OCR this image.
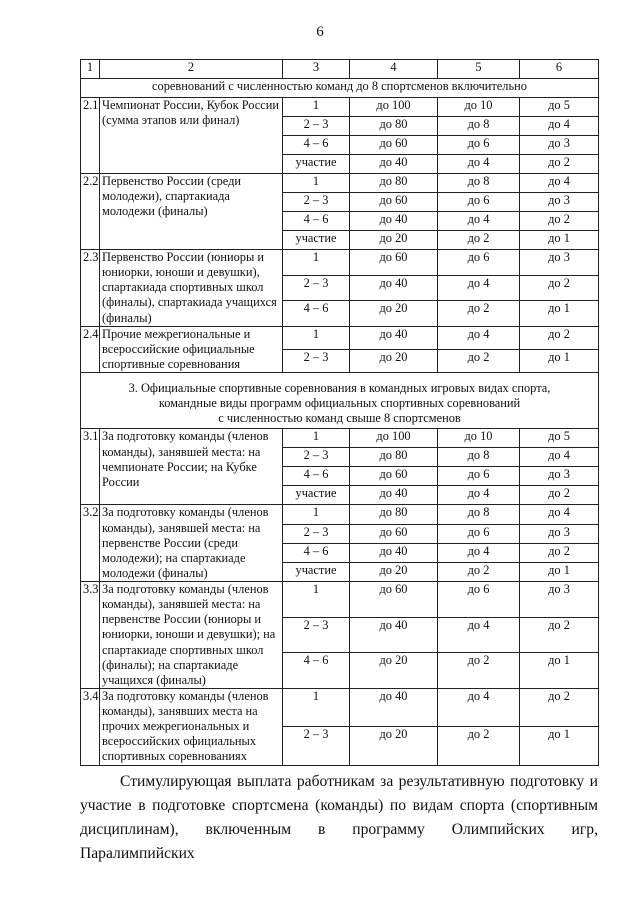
6
1	2	3	4	5	6
соревнований с численностью команд до 8 спортсменов включительно					
2.1	Чемпионат России, Кубок России (сумма этапов или финал)	1	до 100	до 10	до 5
		2 – 3	до 80	до 8	до 4
		4 – 6	до 60	до 6	до 3
		участие	до 40	до 4	до 2
2.2	Первенство России (среди молодежи), спартакиада молодежи (финалы)	1	до 80	до 8	до 4
		2 – 3	до 60	до 6	до 3
		4 – 6	до 40	до 4	до 2
		участие	до 20	до 2	до 1
2.3	Первенство России (юниоры и юниорки, юноши и девушки), спартакиада спортивных школ (финалы), спартакиада учащихся (финалы)	1	до 60	до 6	до 3
		2 – 3	до 40	до 4	до 2
		4 – 6	до 20	до 2	до 1
2.4	Прочие межрегиональные и всероссийские официальные спортивные соревнования	1	до 40	до 4	до 2
		2 – 3	до 20	до 2	до 1

3. Официальные спортивные соревнования в командных игровых видах спорта,
командные виды программ официальных спортивных соревнований
с численностью команд свыше 8 спортсменов					

3.1	За подготовку команды (членов команды), занявшей места: на чемпионате России; на Кубке России	1	до 100	до 10	до 5
		2 – 3	до 80	до 8	до 4
		4 – 6	до 60	до 6	до 3
		участие	до 40	до 4	до 2
3.2	За подготовку команды (членов команды), занявшей места: на первенстве России (среди молодежи); на спартакиаде молодежи (финалы)	1	до 80	до 8	до 4
		2 – 3	до 60	до 6	до 3
		4 – 6	до 40	до 4	до 2
		участие	до 20	до 2	до 1
3.3	За подготовку команды (членов команды), занявшей места: на первенстве России (юниоры и юниорки, юноши и девушки); на спартакиаде спортивных школ (финалы); на спартакиаде учащихся (финалы)	1	до 60	до 6	до 3
		2 – 3	до 40	до 4	до 2
		4 – 6	до 20	до 2	до 1
3.4	За подготовку команды (членов команды), занявших места на прочих межрегиональных и всероссийских официальных спортивных соревнованиях	1	до 40	до 4	до 2
		2 – 3	до 20	до 2	до 1
Стимулирующая выплата работникам за результативную подготовку и участие в подготовке спортсмена (команды) по видам спорта (спортивным дисциплинам), включенным в программу Олимпийских игр, Паралимпийских
